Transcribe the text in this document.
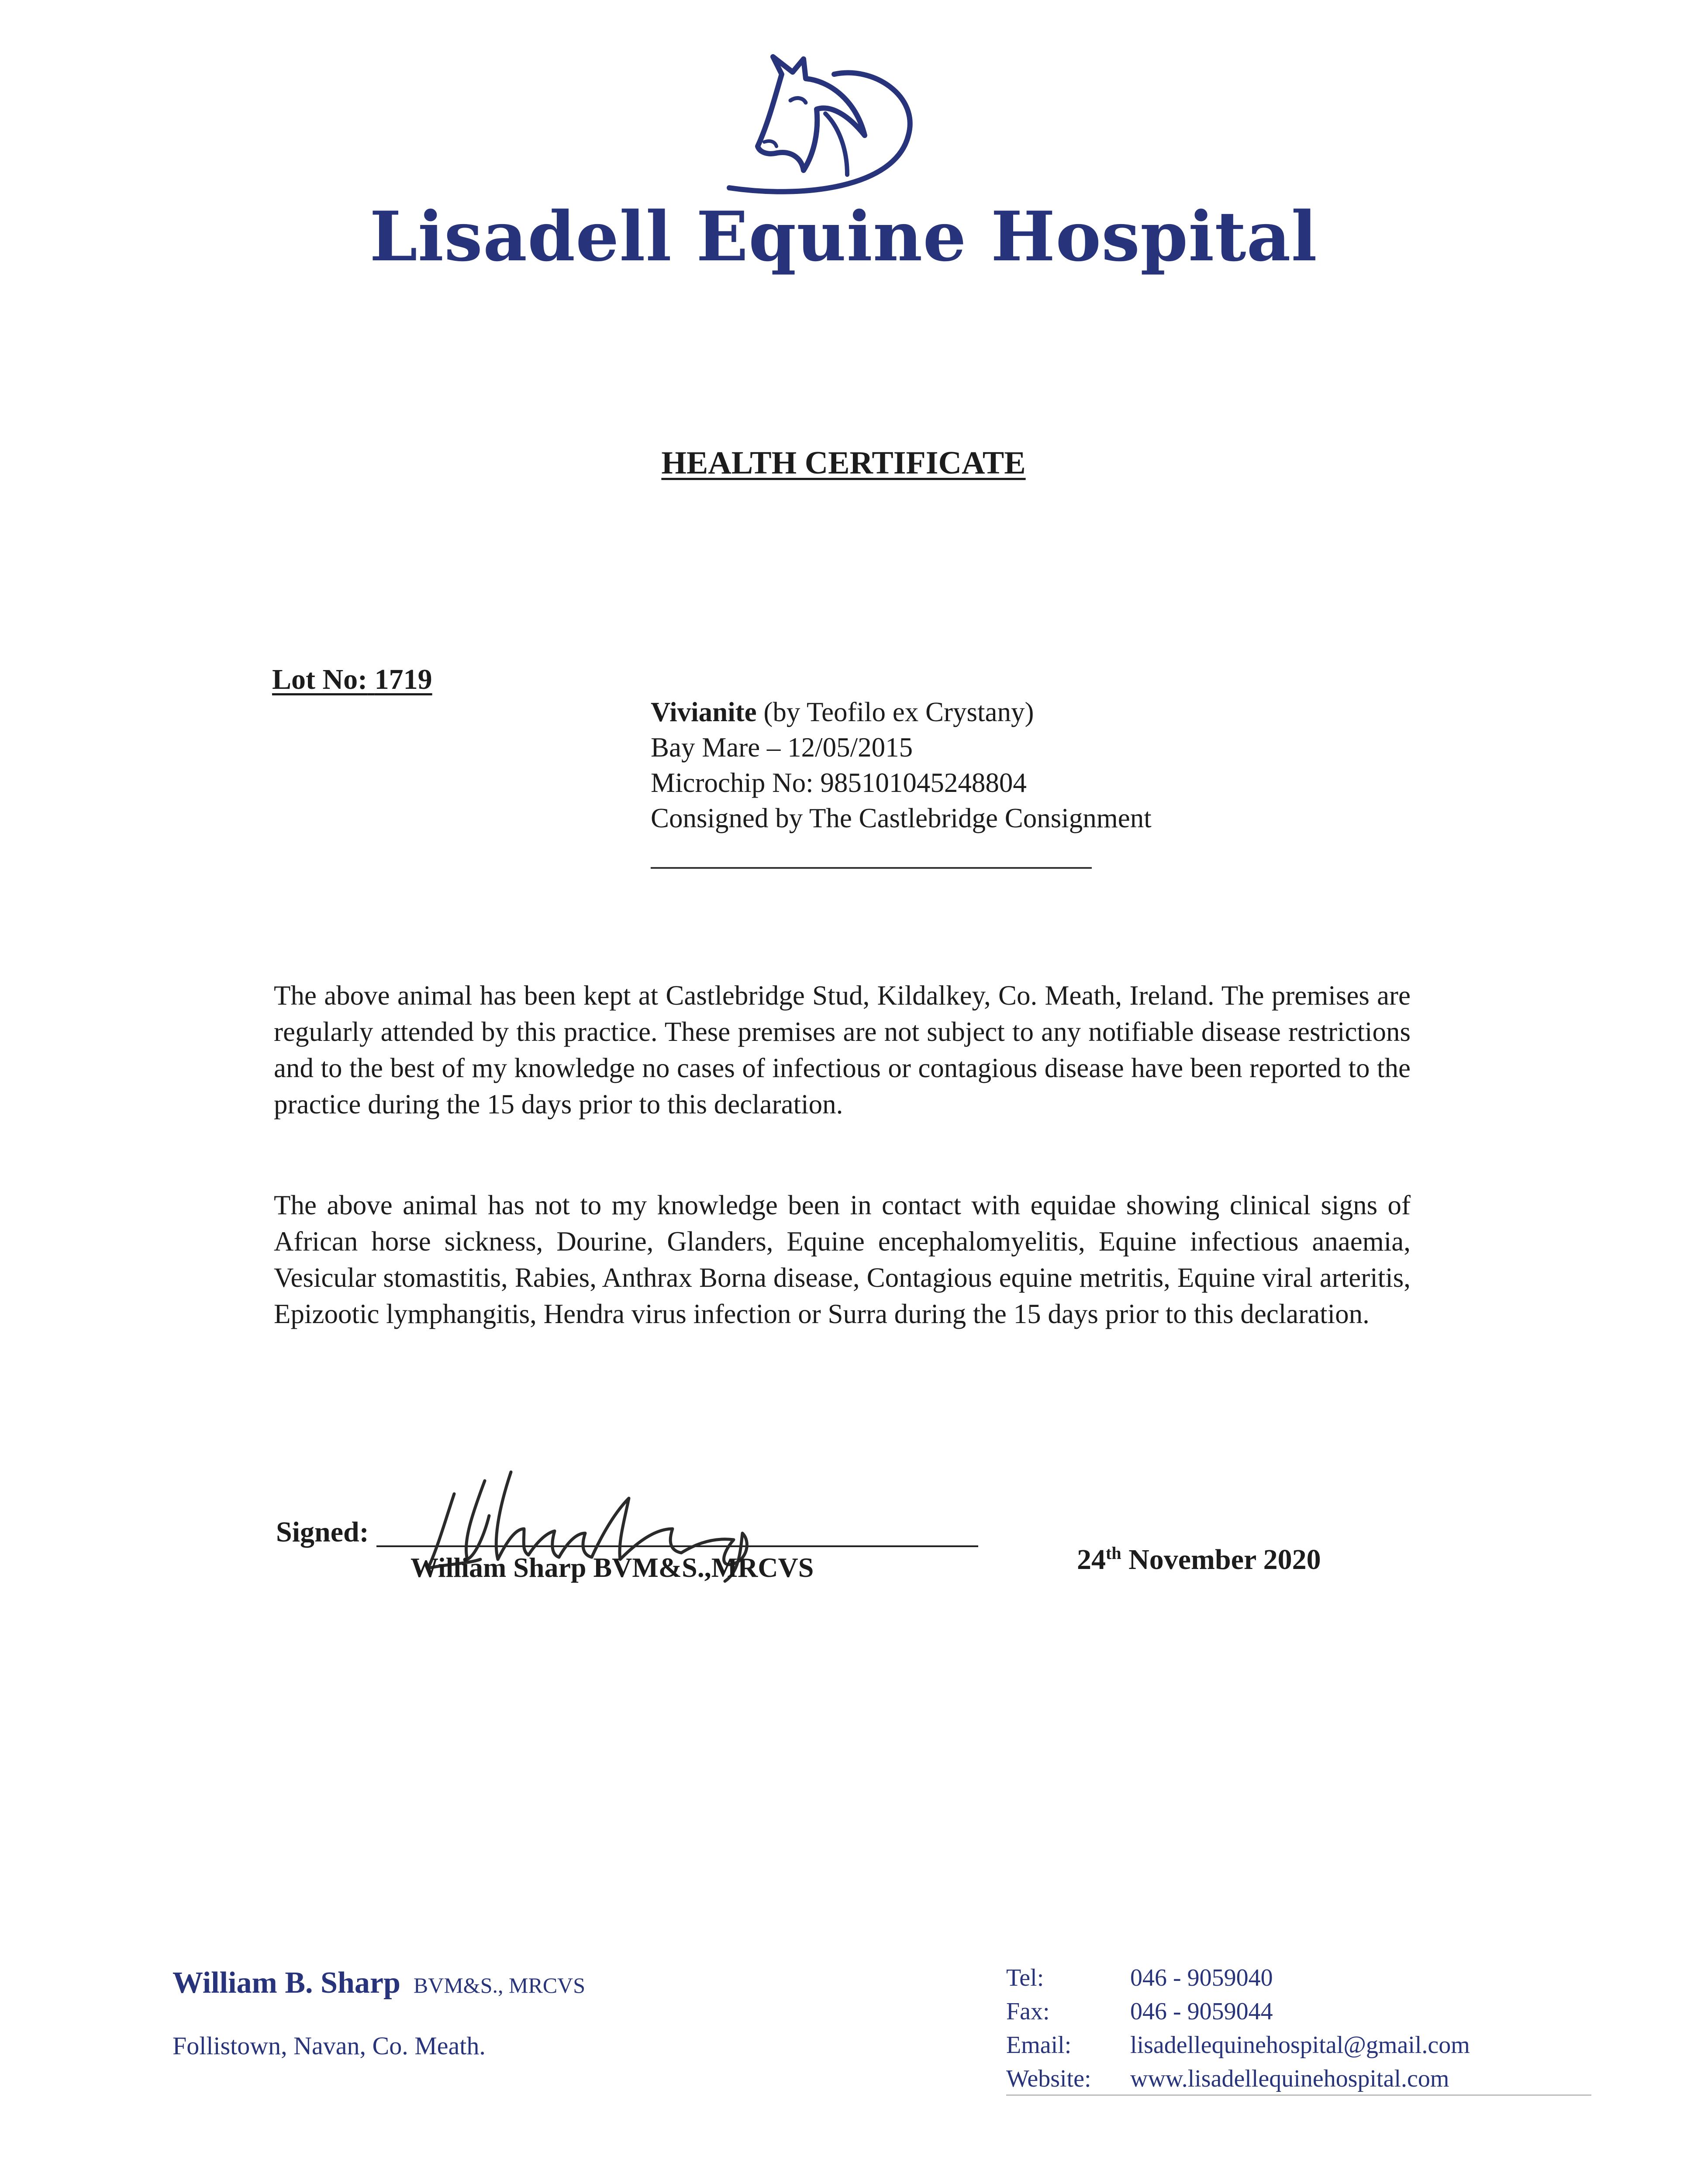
Lisadell Equine Hospital
HEALTH CERTIFICATE
Lot No: 1719
Vivianite (by Teofilo ex Crystany)
Bay Mare – 12/05/2015
Microchip No: 985101045248804
Consigned by The Castlebridge Consignment
The above animal has been kept at Castlebridge Stud, Kildalkey, Co. Meath, Ireland. The premises are regularly attended by this practice. These premises are not subject to any notifiable disease restrictions and to the best of my knowledge no cases of infectious or contagious disease have been reported to the practice during the 15 days prior to this declaration.
The above animal has not to my knowledge been in contact with equidae showing clinical signs of African horse sickness, Dourine, Glanders, Equine encephalomyelitis, Equine infectious anaemia, Vesicular stomastitis, Rabies, Anthrax Borna disease, Contagious equine metritis, Equine viral arteritis, Epizootic lymphangitis, Hendra virus infection or Surra during the 15 days prior to this declaration.
Signed:
William Sharp BVM&S.,MRCVS	24th November 2020
William B. Sharp BVM&S., MRCVS
Follistown, Navan, Co. Meath.
Tel:	046 - 9059040
Fax:	046 - 9059044
Email:	lisadellequinehospital@gmail.com
Website:	www.lisadellequinehospital.com
